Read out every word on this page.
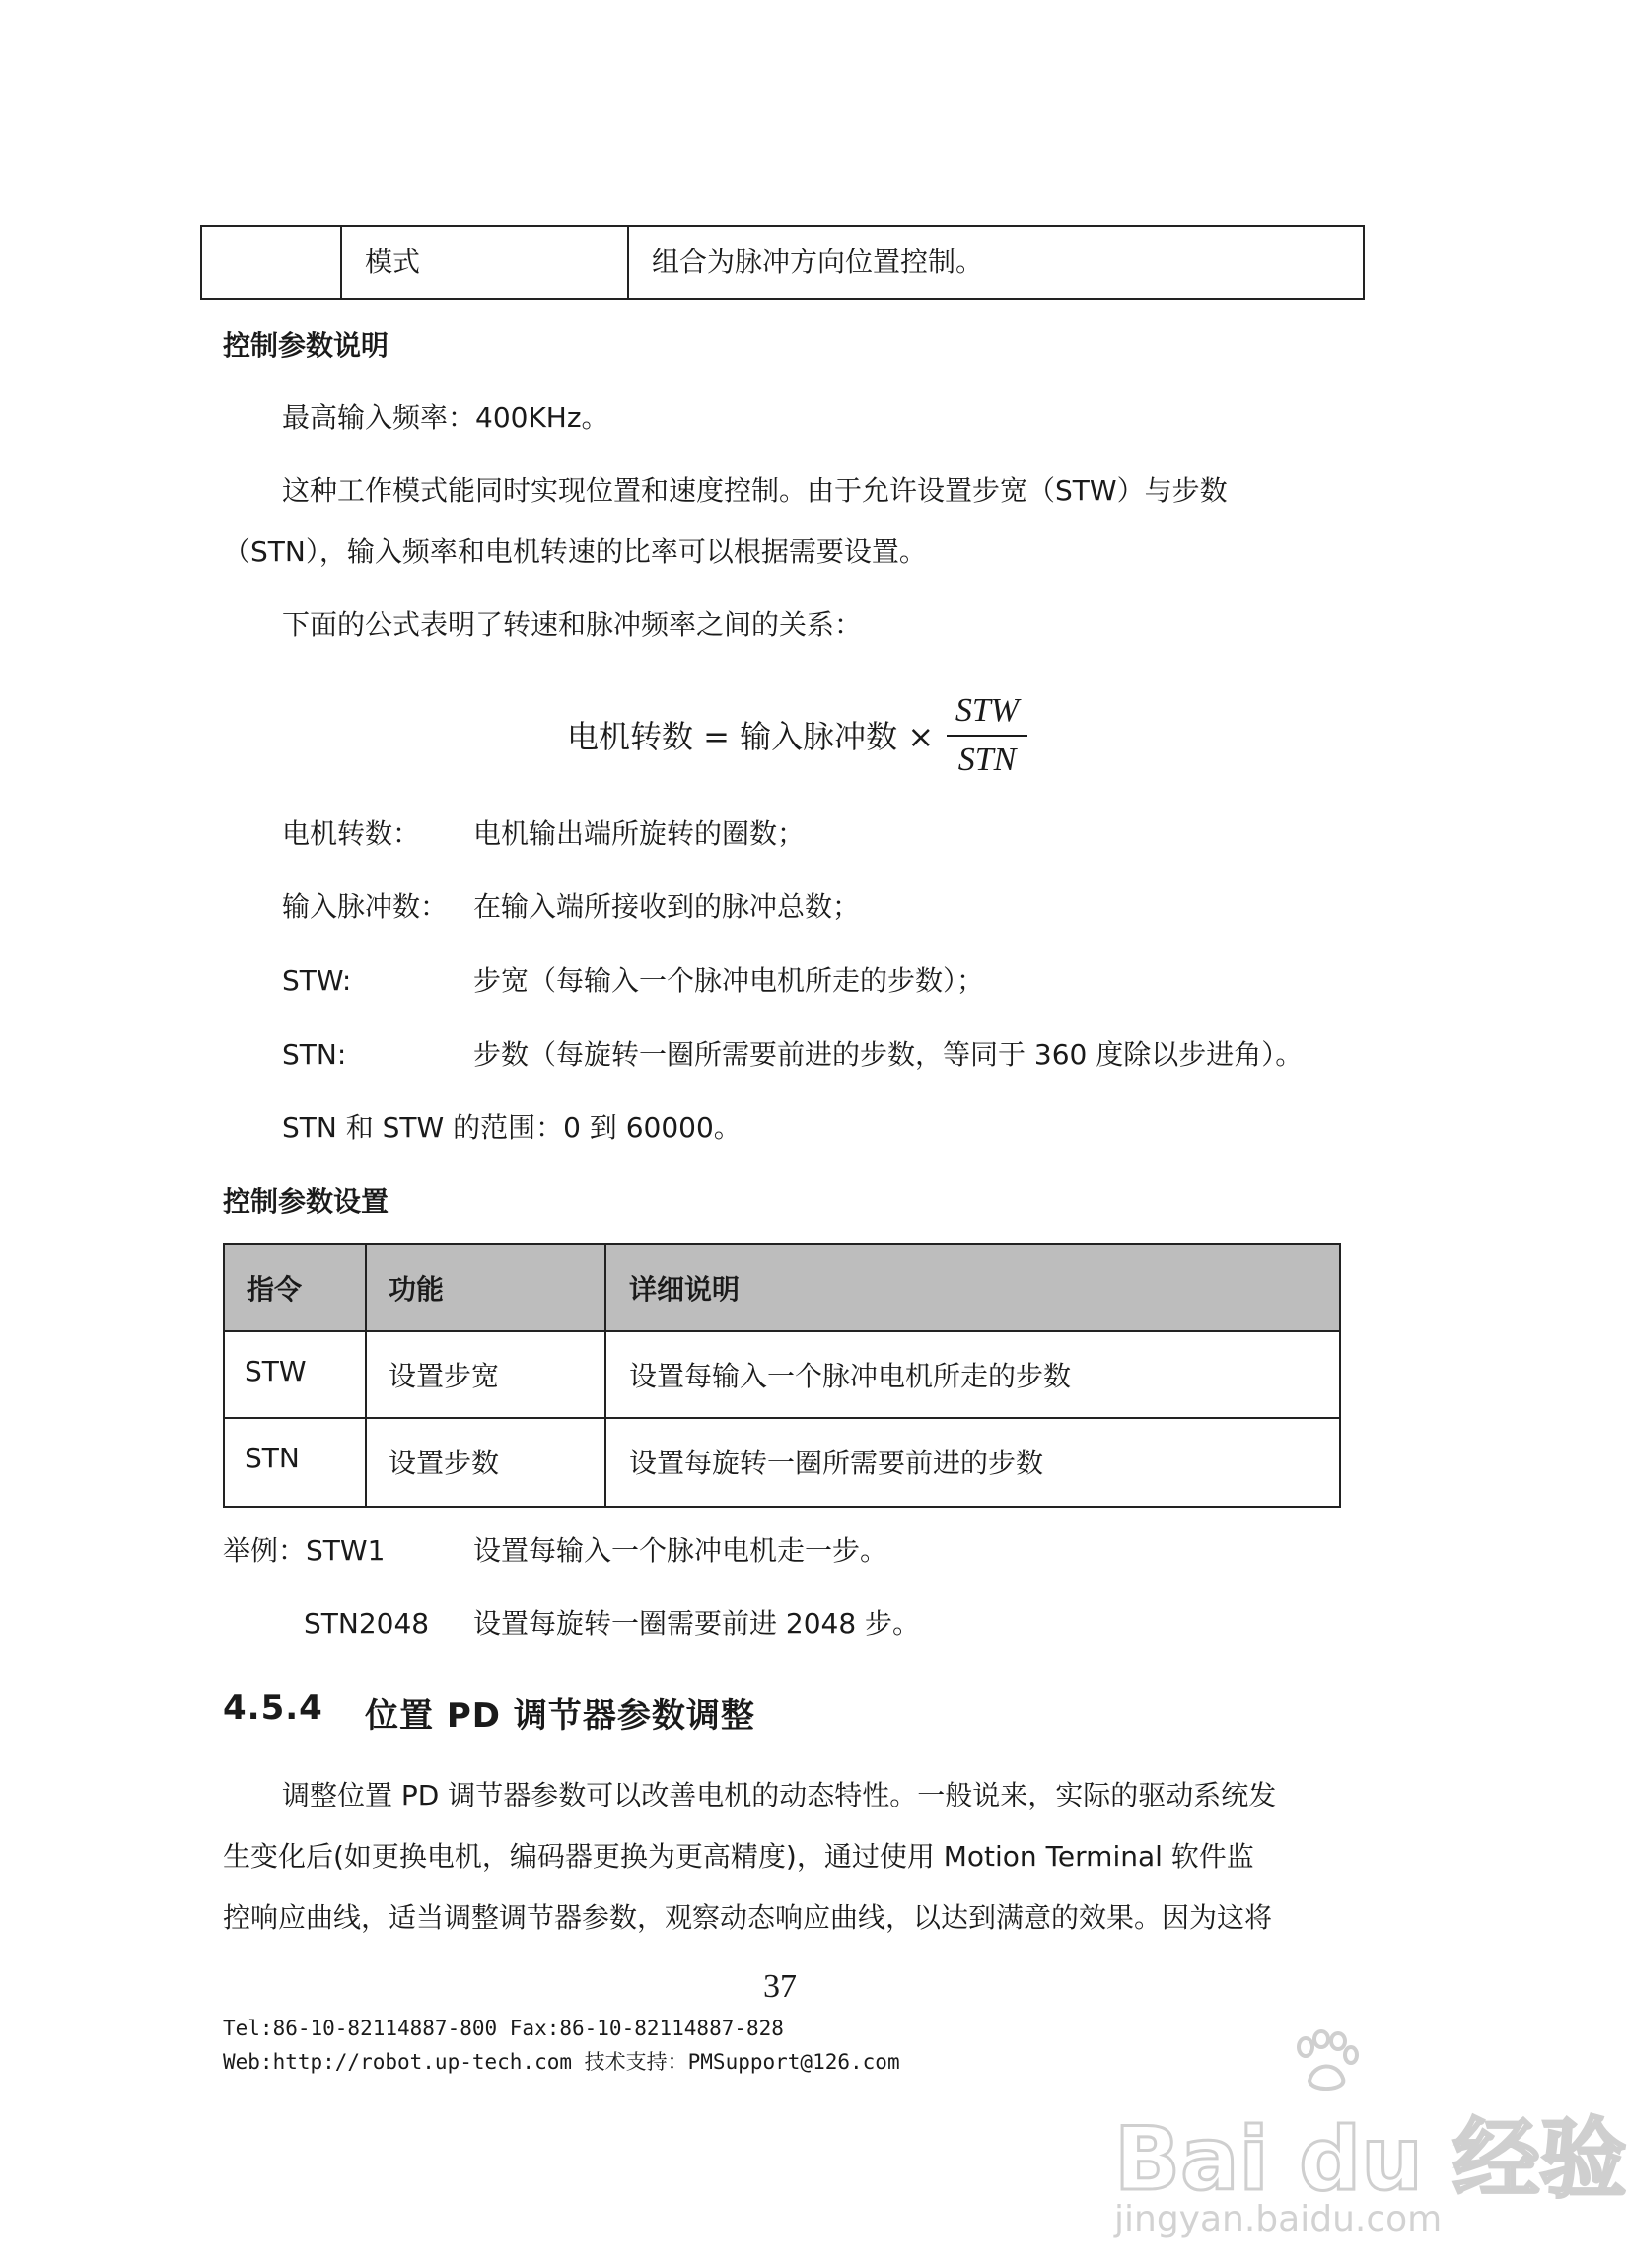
模式	组合为脉冲方向位置控制。
控制参数说明
最高输入频率：400KHz。
这种工作模式能同时实现位置和速度控制。由于允许设置步宽（STW）与步数
（STN），输入频率和电机转速的比率可以根据需要设置。
下面的公式表明了转速和脉冲频率之间的关系：
电机转数 = 输入脉冲数 ×
STW
STN
电机转数： 电机输出端所旋转的圈数；
输入脉冲数： 在输入端所接收到的脉冲总数；
STW:	步宽（每输入一个脉冲电机所走的步数）；
STN:	步数（每旋转一圈所需要前进的步数，等同于 360 度除以步进角）。
STN 和 STW 的范围：0 到 60000。
控制参数设置
指令	功能	详细说明
STW	设置步宽	设置每输入一个脉冲电机所走的步数
STN	设置步数	设置每旋转一圈所需要前进的步数
举例：STW1	设置每输入一个脉冲电机走一步。
STN2048 设置每旋转一圈需要前进 2048 步。
4.5.4 位置 PD 调节器参数调整
调整位置 PD 调节器参数可以改善电机的动态特性。一般说来，实际的驱动系统发
生变化后(如更换电机，编码器更换为更高精度)，通过使用 Motion Terminal 软件监
控响应曲线，适当调整调节器参数，观察动态响应曲线，以达到满意的效果。因为这将
37
Tel:86-10-82114887-800 Fax:86-10-82114887-828
Web:http://robot.up-tech.com 技术支持：PMSupport@126.com
Bai du 经验
jingyan.baidu.com
